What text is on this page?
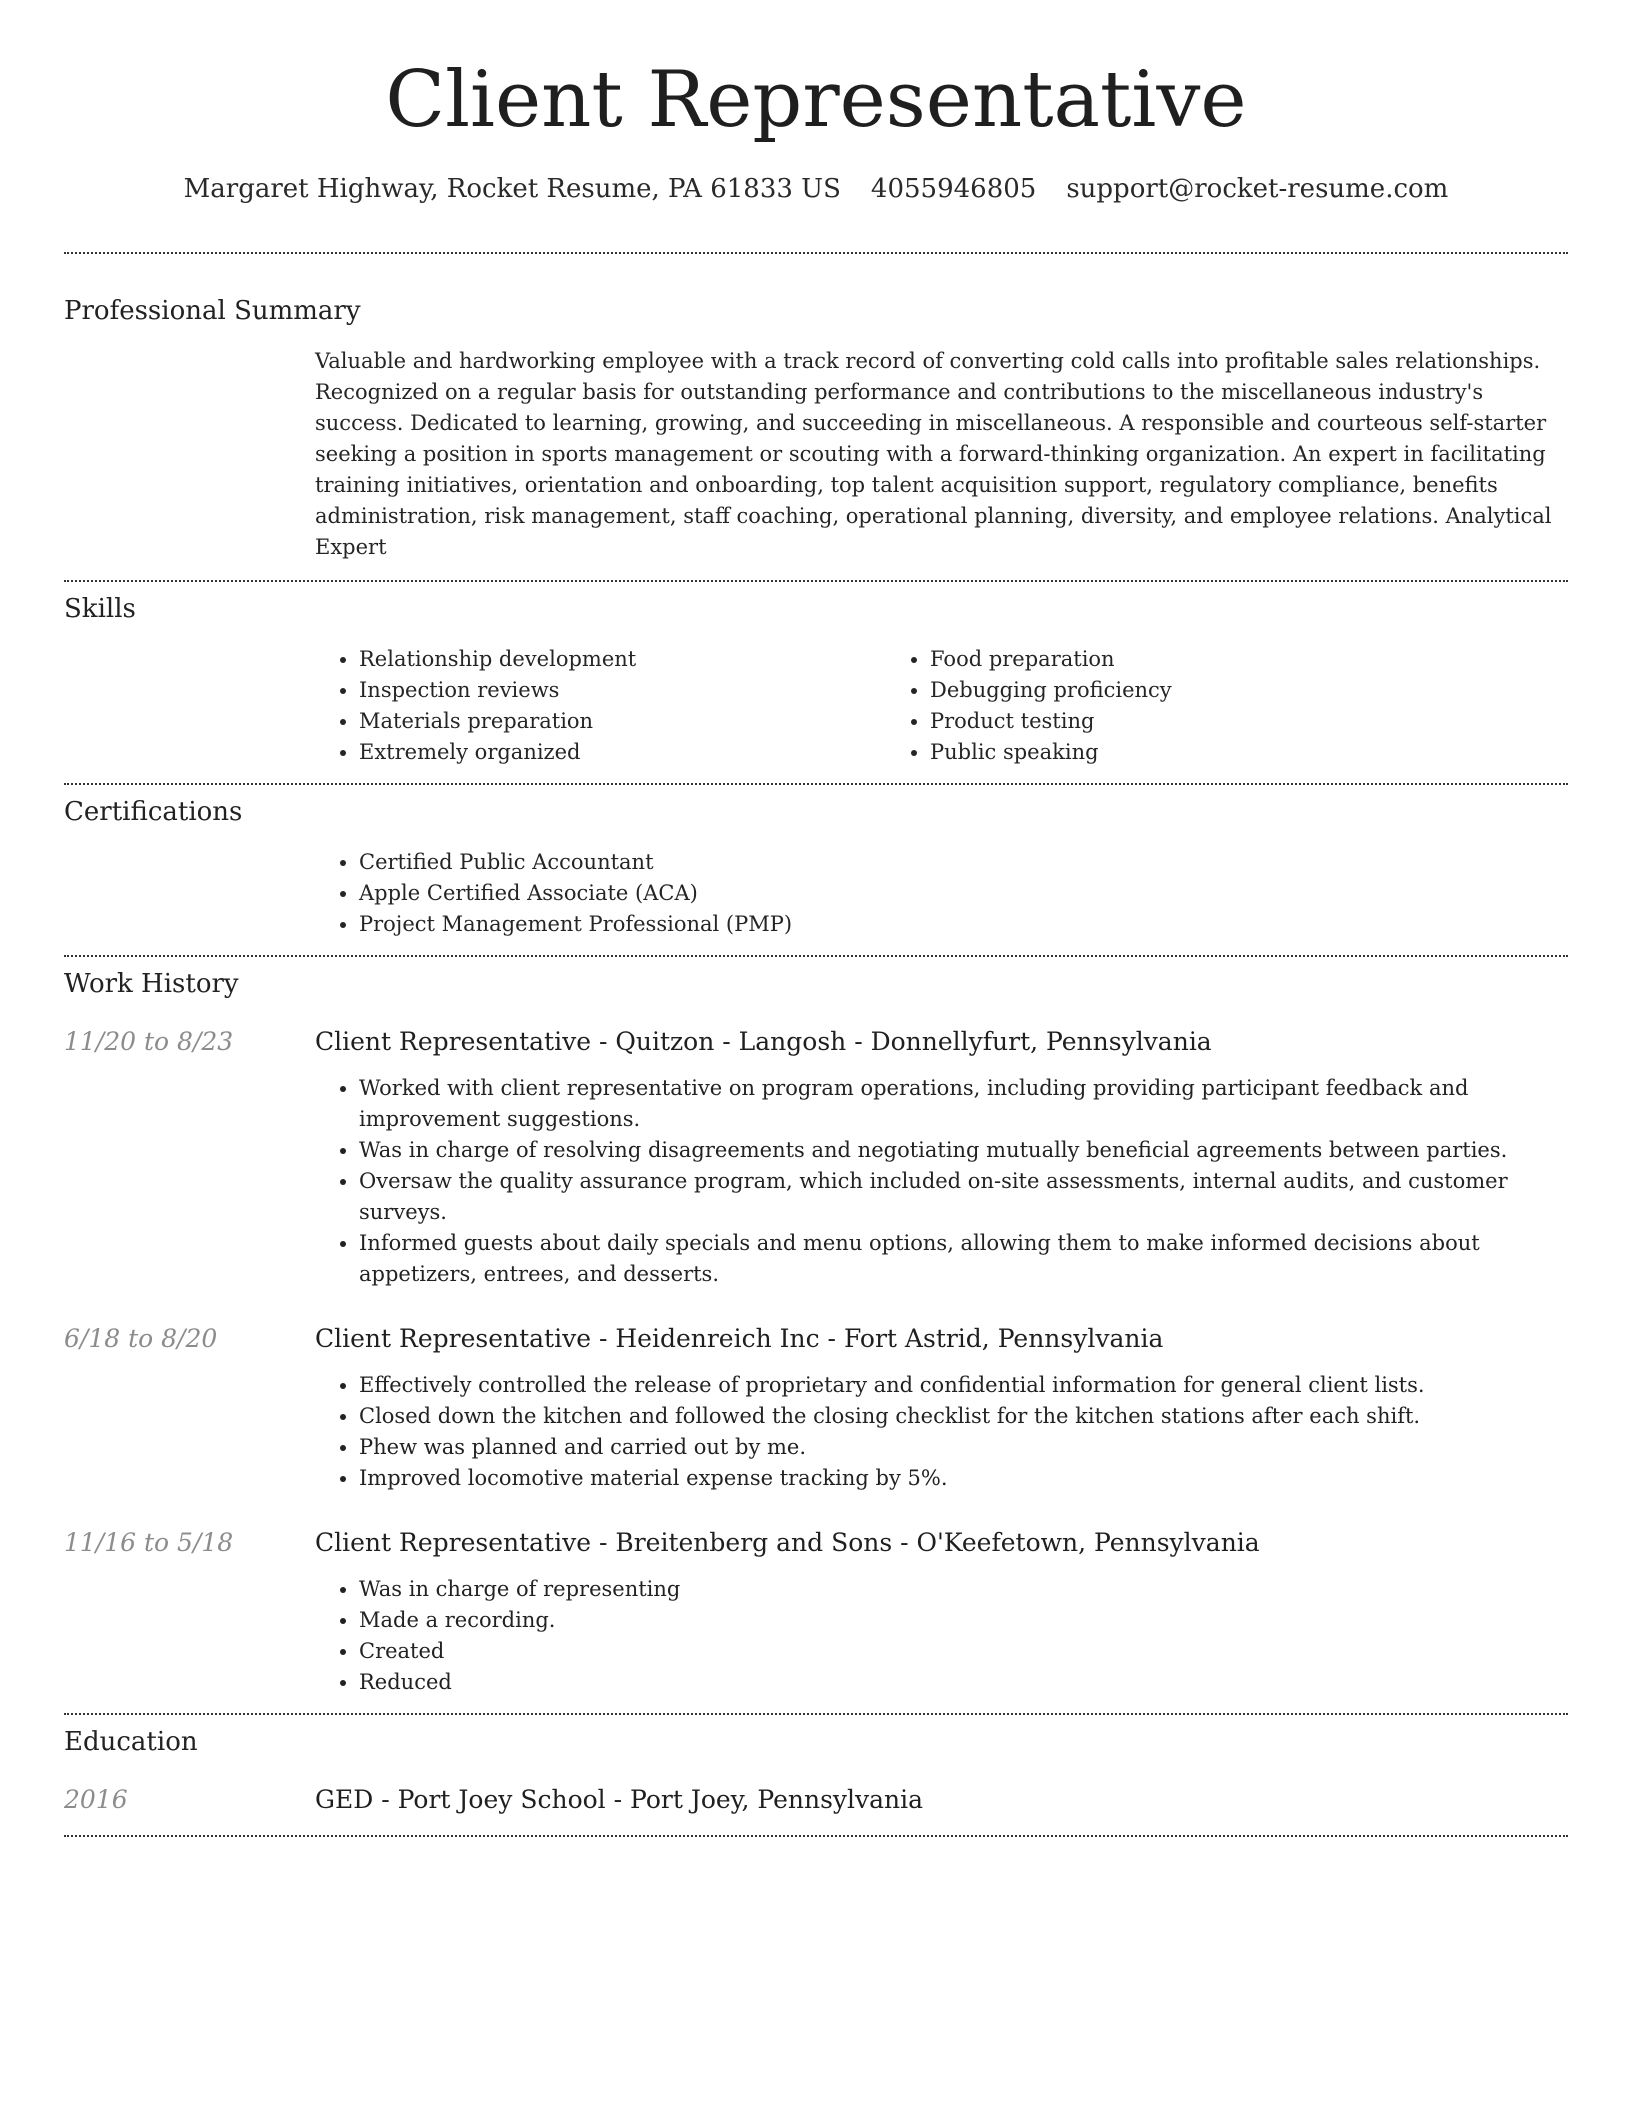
Client Representative
Margaret Highway, Rocket Resume, PA 61833 US 4055946805 support@rocket-resume.com
Professional Summary

Valuable and hardworking employee with a track record of converting cold calls into profitable sales relationships. Recognized on a regular basis for outstanding performance and contributions to the miscellaneous industry's success. Dedicated to learning, growing, and succeeding in miscellaneous. A responsible and courteous self-starter seeking a position in sports management or scouting with a forward-thinking organization. An expert in facilitating training initiatives, orientation and onboarding, top talent acquisition support, regulatory compliance, benefits administration, risk management, staff coaching, operational planning, diversity, and employee relations. Analytical Expert

Skills
• Relationship development
• Inspection reviews
• Materials preparation
• Extremely organized
• Food preparation
• Debugging proficiency
• Product testing
• Public speaking
Certifications
• Certified Public Accountant
• Apple Certified Associate (ACA)
• Project Management Professional (PMP)
Work History
11/20 to 8/23	Client Representative - Quitzon - Langosh - Donnellyfurt, Pennsylvania
• Worked with client representative on program operations, including providing participant feedback and improvement suggestions.
• Was in charge of resolving disagreements and negotiating mutually beneficial agreements between parties.
• Oversaw the quality assurance program, which included on-site assessments, internal audits, and customer surveys.
• Informed guests about daily specials and menu options, allowing them to make informed decisions about appetizers, entrees, and desserts.
6/18 to 8/20	Client Representative - Heidenreich Inc - Fort Astrid, Pennsylvania
• Effectively controlled the release of proprietary and confidential information for general client lists.
• Closed down the kitchen and followed the closing checklist for the kitchen stations after each shift.
• Phew was planned and carried out by me.
• Improved locomotive material expense tracking by 5%.
11/16 to 5/18	Client Representative - Breitenberg and Sons - O'Keefetown, Pennsylvania
• Was in charge of representing
• Made a recording.
• Created
• Reduced
Education
2016	GED - Port Joey School - Port Joey, Pennsylvania
